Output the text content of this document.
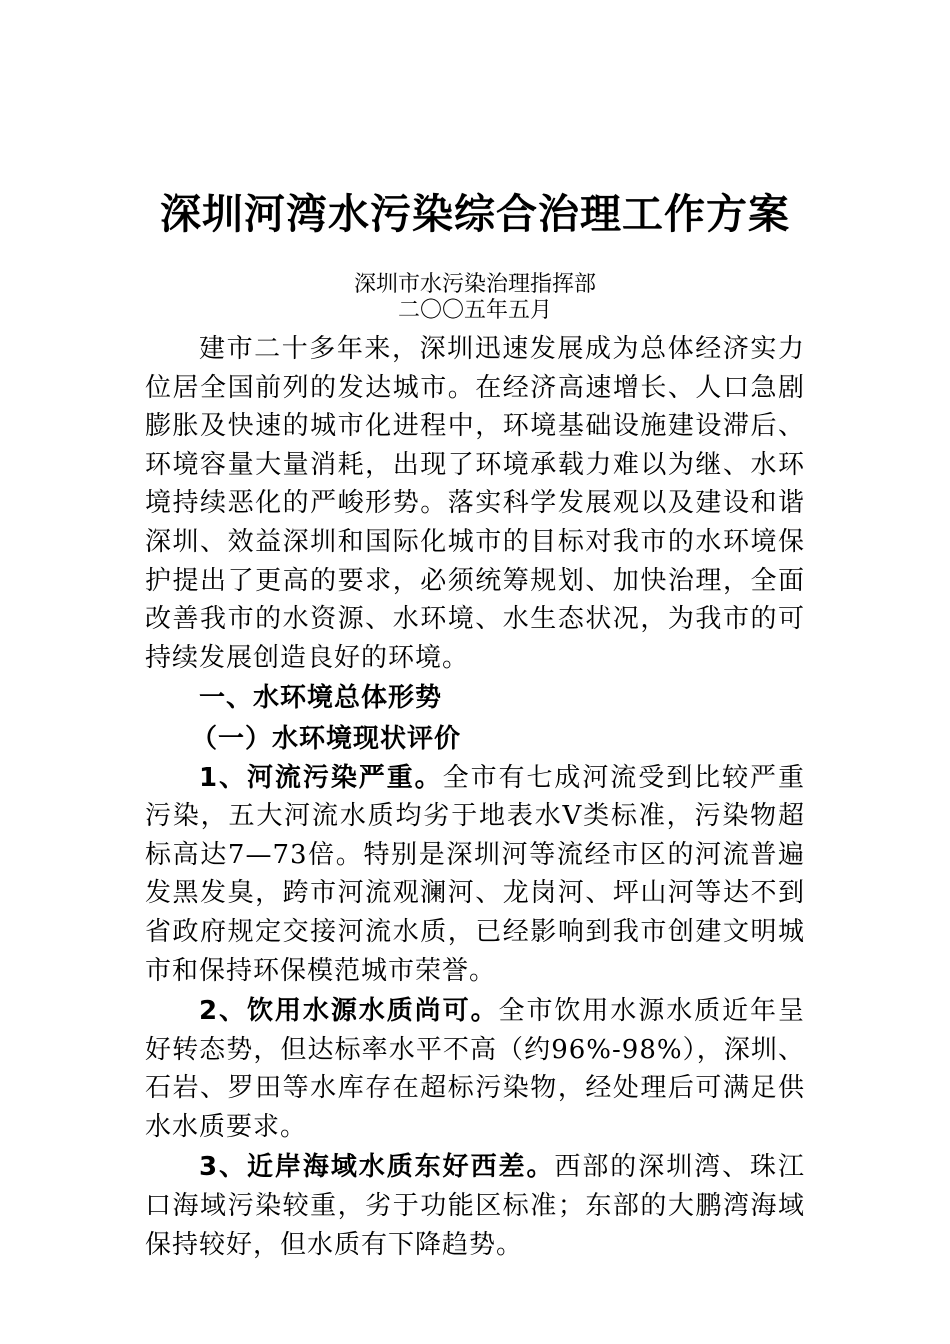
深圳河湾水污染综合治理工作方案

深圳市水污染治理指挥部

二〇〇五年五月

建市二十多年来，深圳迅速发展成为总体经济实力位居全国前列的发达城市。在经济高速增长、人口急剧膨胀及快速的城市化进程中，环境基础设施建设滞后、环境容量大量消耗，出现了环境承载力难以为继、水环境持续恶化的严峻形势。落实科学发展观以及建设和谐深圳、效益深圳和国际化城市的目标对我市的水环境保护提出了更高的要求，必须统筹规划、加快治理，全面改善我市的水资源、水环境、水生态状况，为我市的可持续发展创造良好的环境。

一、水环境总体形势

（一）水环境现状评价

1、河流污染严重。全市有七成河流受到比较严重污染，五大河流水质均劣于地表水Ⅴ类标准，污染物超标高达7—73倍。特别是深圳河等流经市区的河流普遍发黑发臭，跨市河流观澜河、龙岗河、坪山河等达不到省政府规定交接河流水质，已经影响到我市创建文明城市和保持环保模范城市荣誉。

2、饮用水源水质尚可。全市饮用水源水质近年呈好转态势，但达标率水平不高（约96%-98%），深圳、石岩、罗田等水库存在超标污染物，经处理后可满足供水水质要求。

3、近岸海域水质东好西差。西部的深圳湾、珠江口海域污染较重，劣于功能区标准；东部的大鹏湾海域保持较好，但水质有下降趋势。
